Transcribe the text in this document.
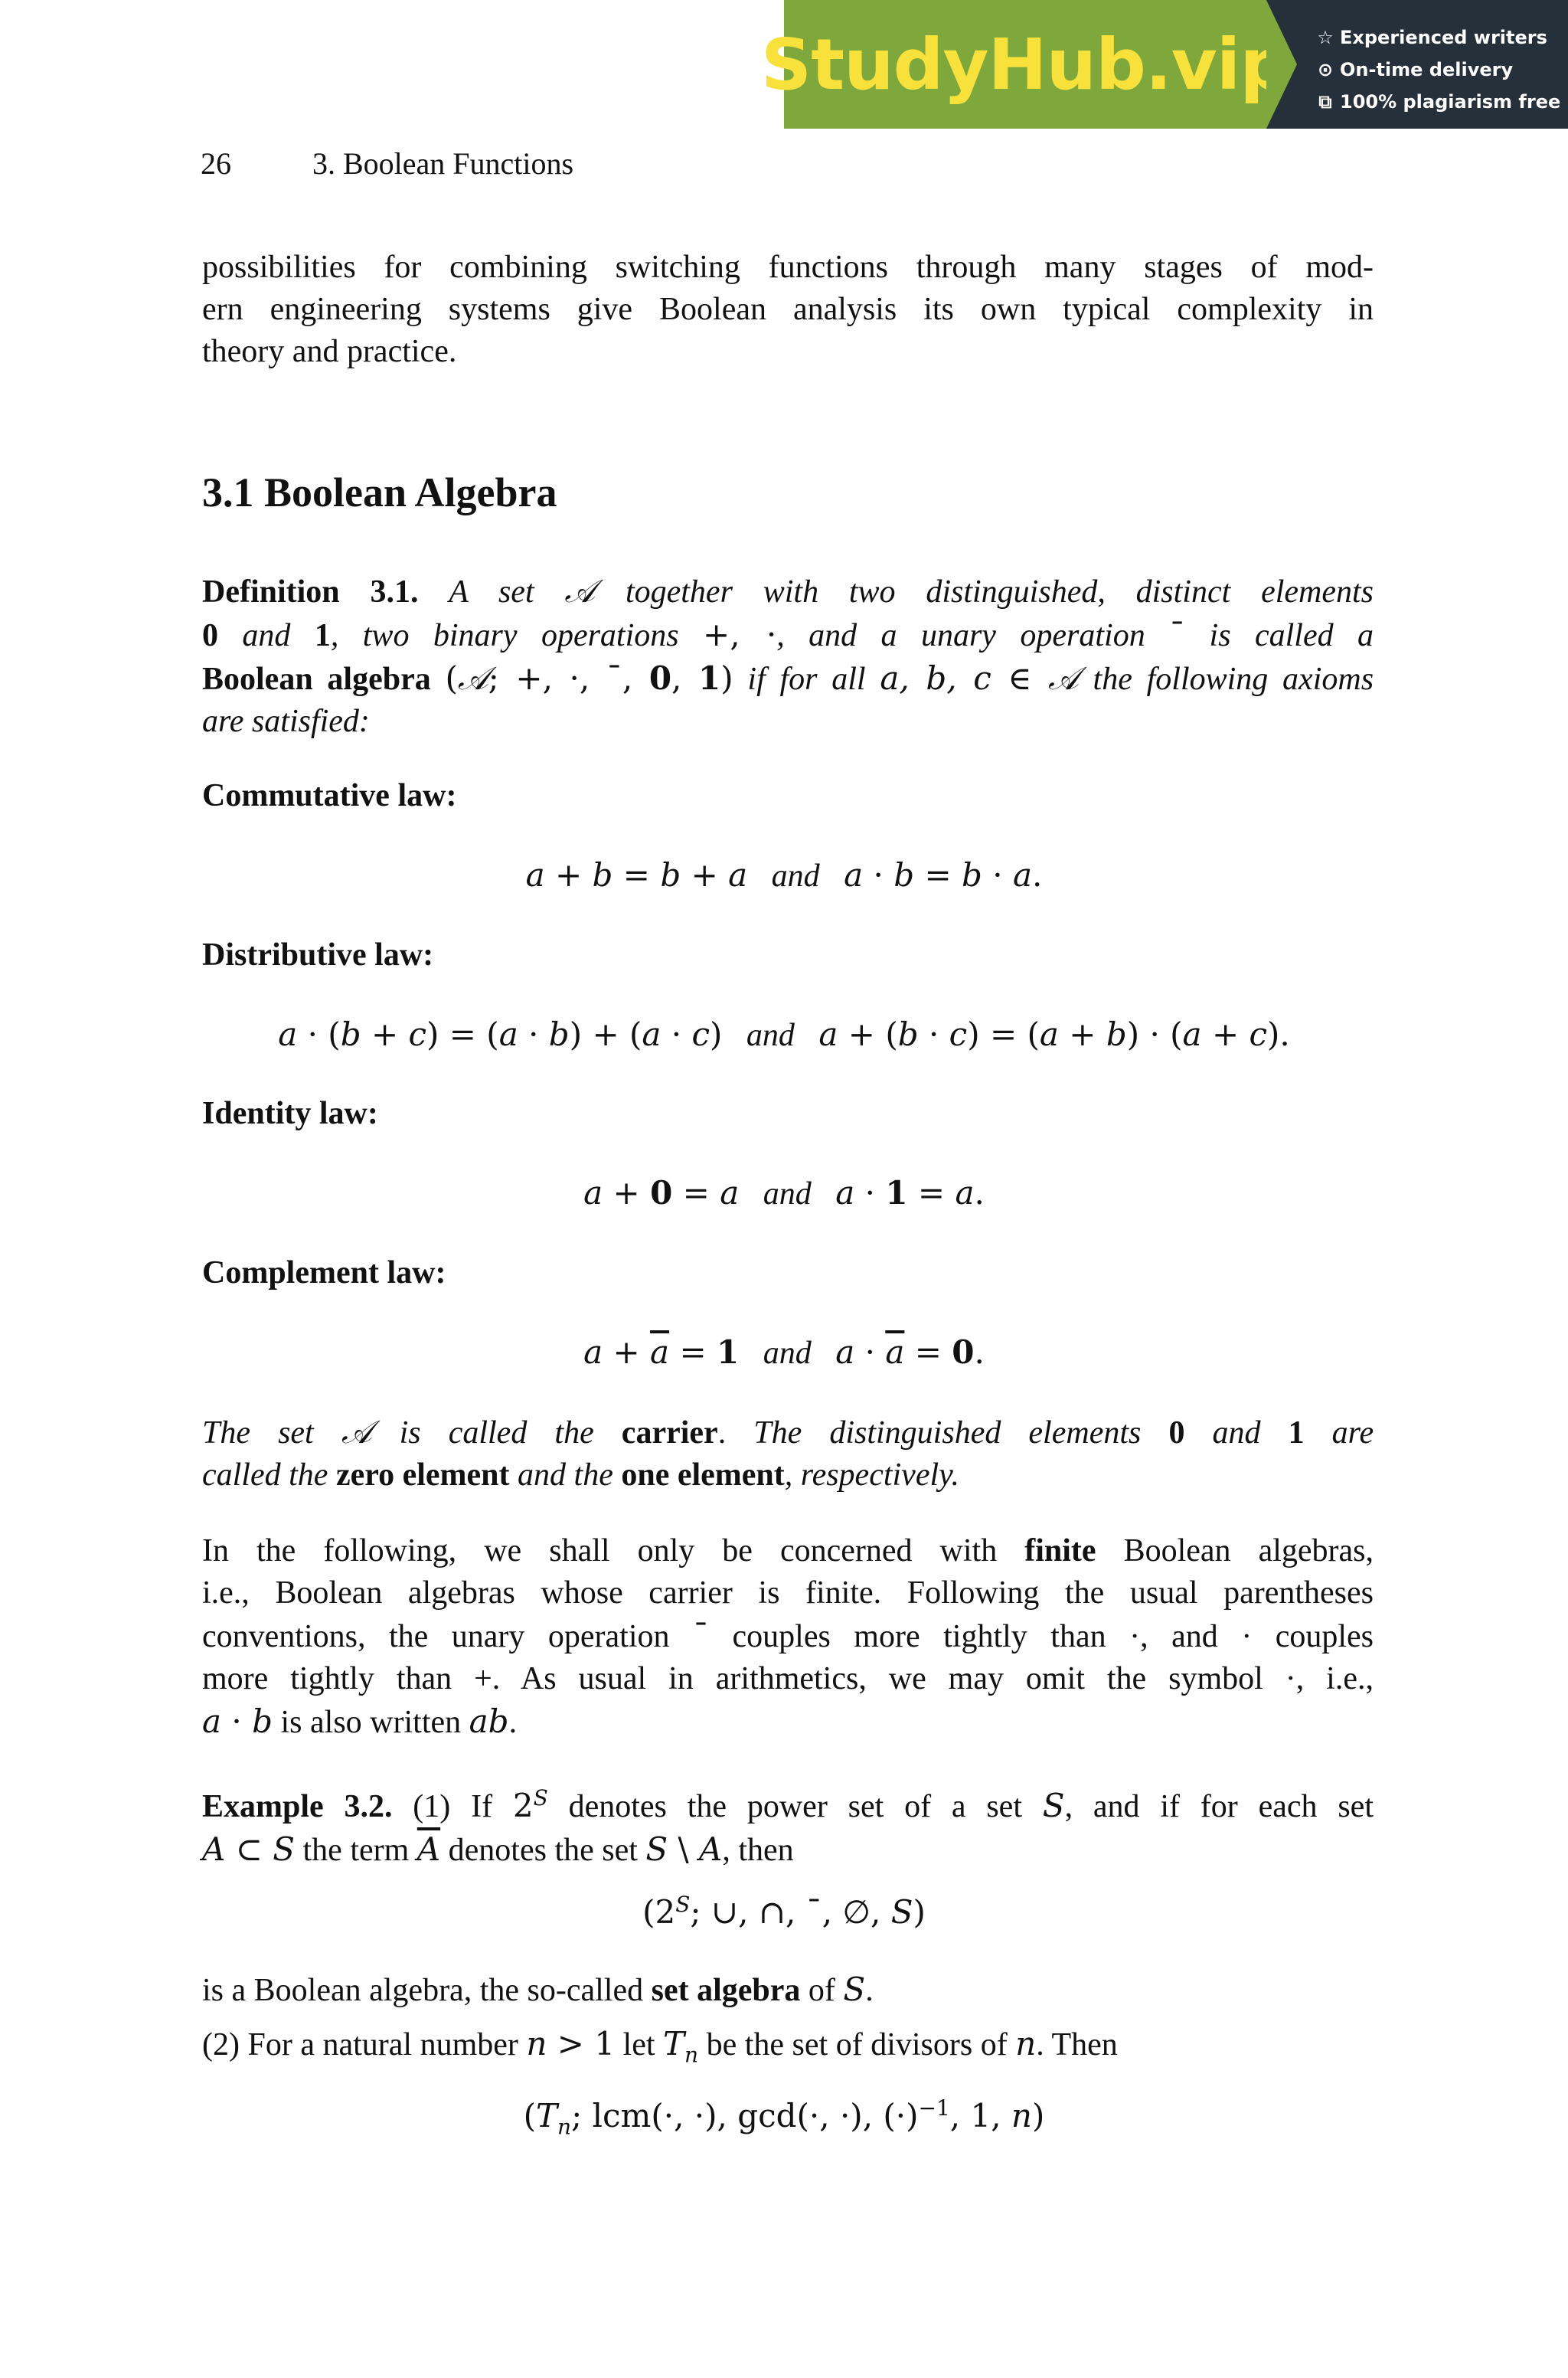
StudyHub.vip ☆ Experienced writers
⊙ On-time delivery
⧉ 100% plagiarism free
26	3. Boolean Functions
possibilities for combining switching functions through many stages of mod-
ern engineering systems give Boolean analysis its own typical complexity in
theory and practice.
3.1 Boolean Algebra
Definition 3.1. A set 𝒜 together with two distinguished, distinct elements
0 and 1, two binary operations +, ·, and a unary operation ¯ is called a
Boolean algebra (𝒜; +, ·, ¯, 0, 1) if for all a, b, c ∈ 𝒜 the following axioms
are satisfied:
Commutative law:
a + b = b + a and a · b = b · a.
Distributive law:
a · (b + c) = (a · b) + (a · c) and a + (b · c) = (a + b) · (a + c).
Identity law:
a + 0 = a and a · 1 = a.
Complement law:
$a + \overline{a} = 1$ and $a \cdot \overline{a} = 0$.
The set 𝒜 is called the carrier. The distinguished elements 0 and 1 are
called the zero element and the one element, respectively.
In the following, we shall only be concerned with finite Boolean algebras,
i.e., Boolean algebras whose carrier is finite. Following the usual parentheses
conventions, the unary operation ¯ couples more tightly than ·, and · couples
more tightly than +. As usual in arithmetics, we may omit the symbol ·, i.e.,
a · b is also written ab.
Example 3.2. (1) If $2^S$ denotes the power set of a set S, and if for each set
A ⊂ S the term $\overline{A}$ denotes the set S \ A, then
($2^S$; ∪, ∩, ¯, ∅, S)
is a Boolean algebra, the so-called set algebra of S.
(2) For a natural number n > 1 let $T_n$ be the set of divisors of n. Then
($T_n$; lcm(·, ·), gcd(·, ·), $(\cdot)^{-1}$, 1, n)
